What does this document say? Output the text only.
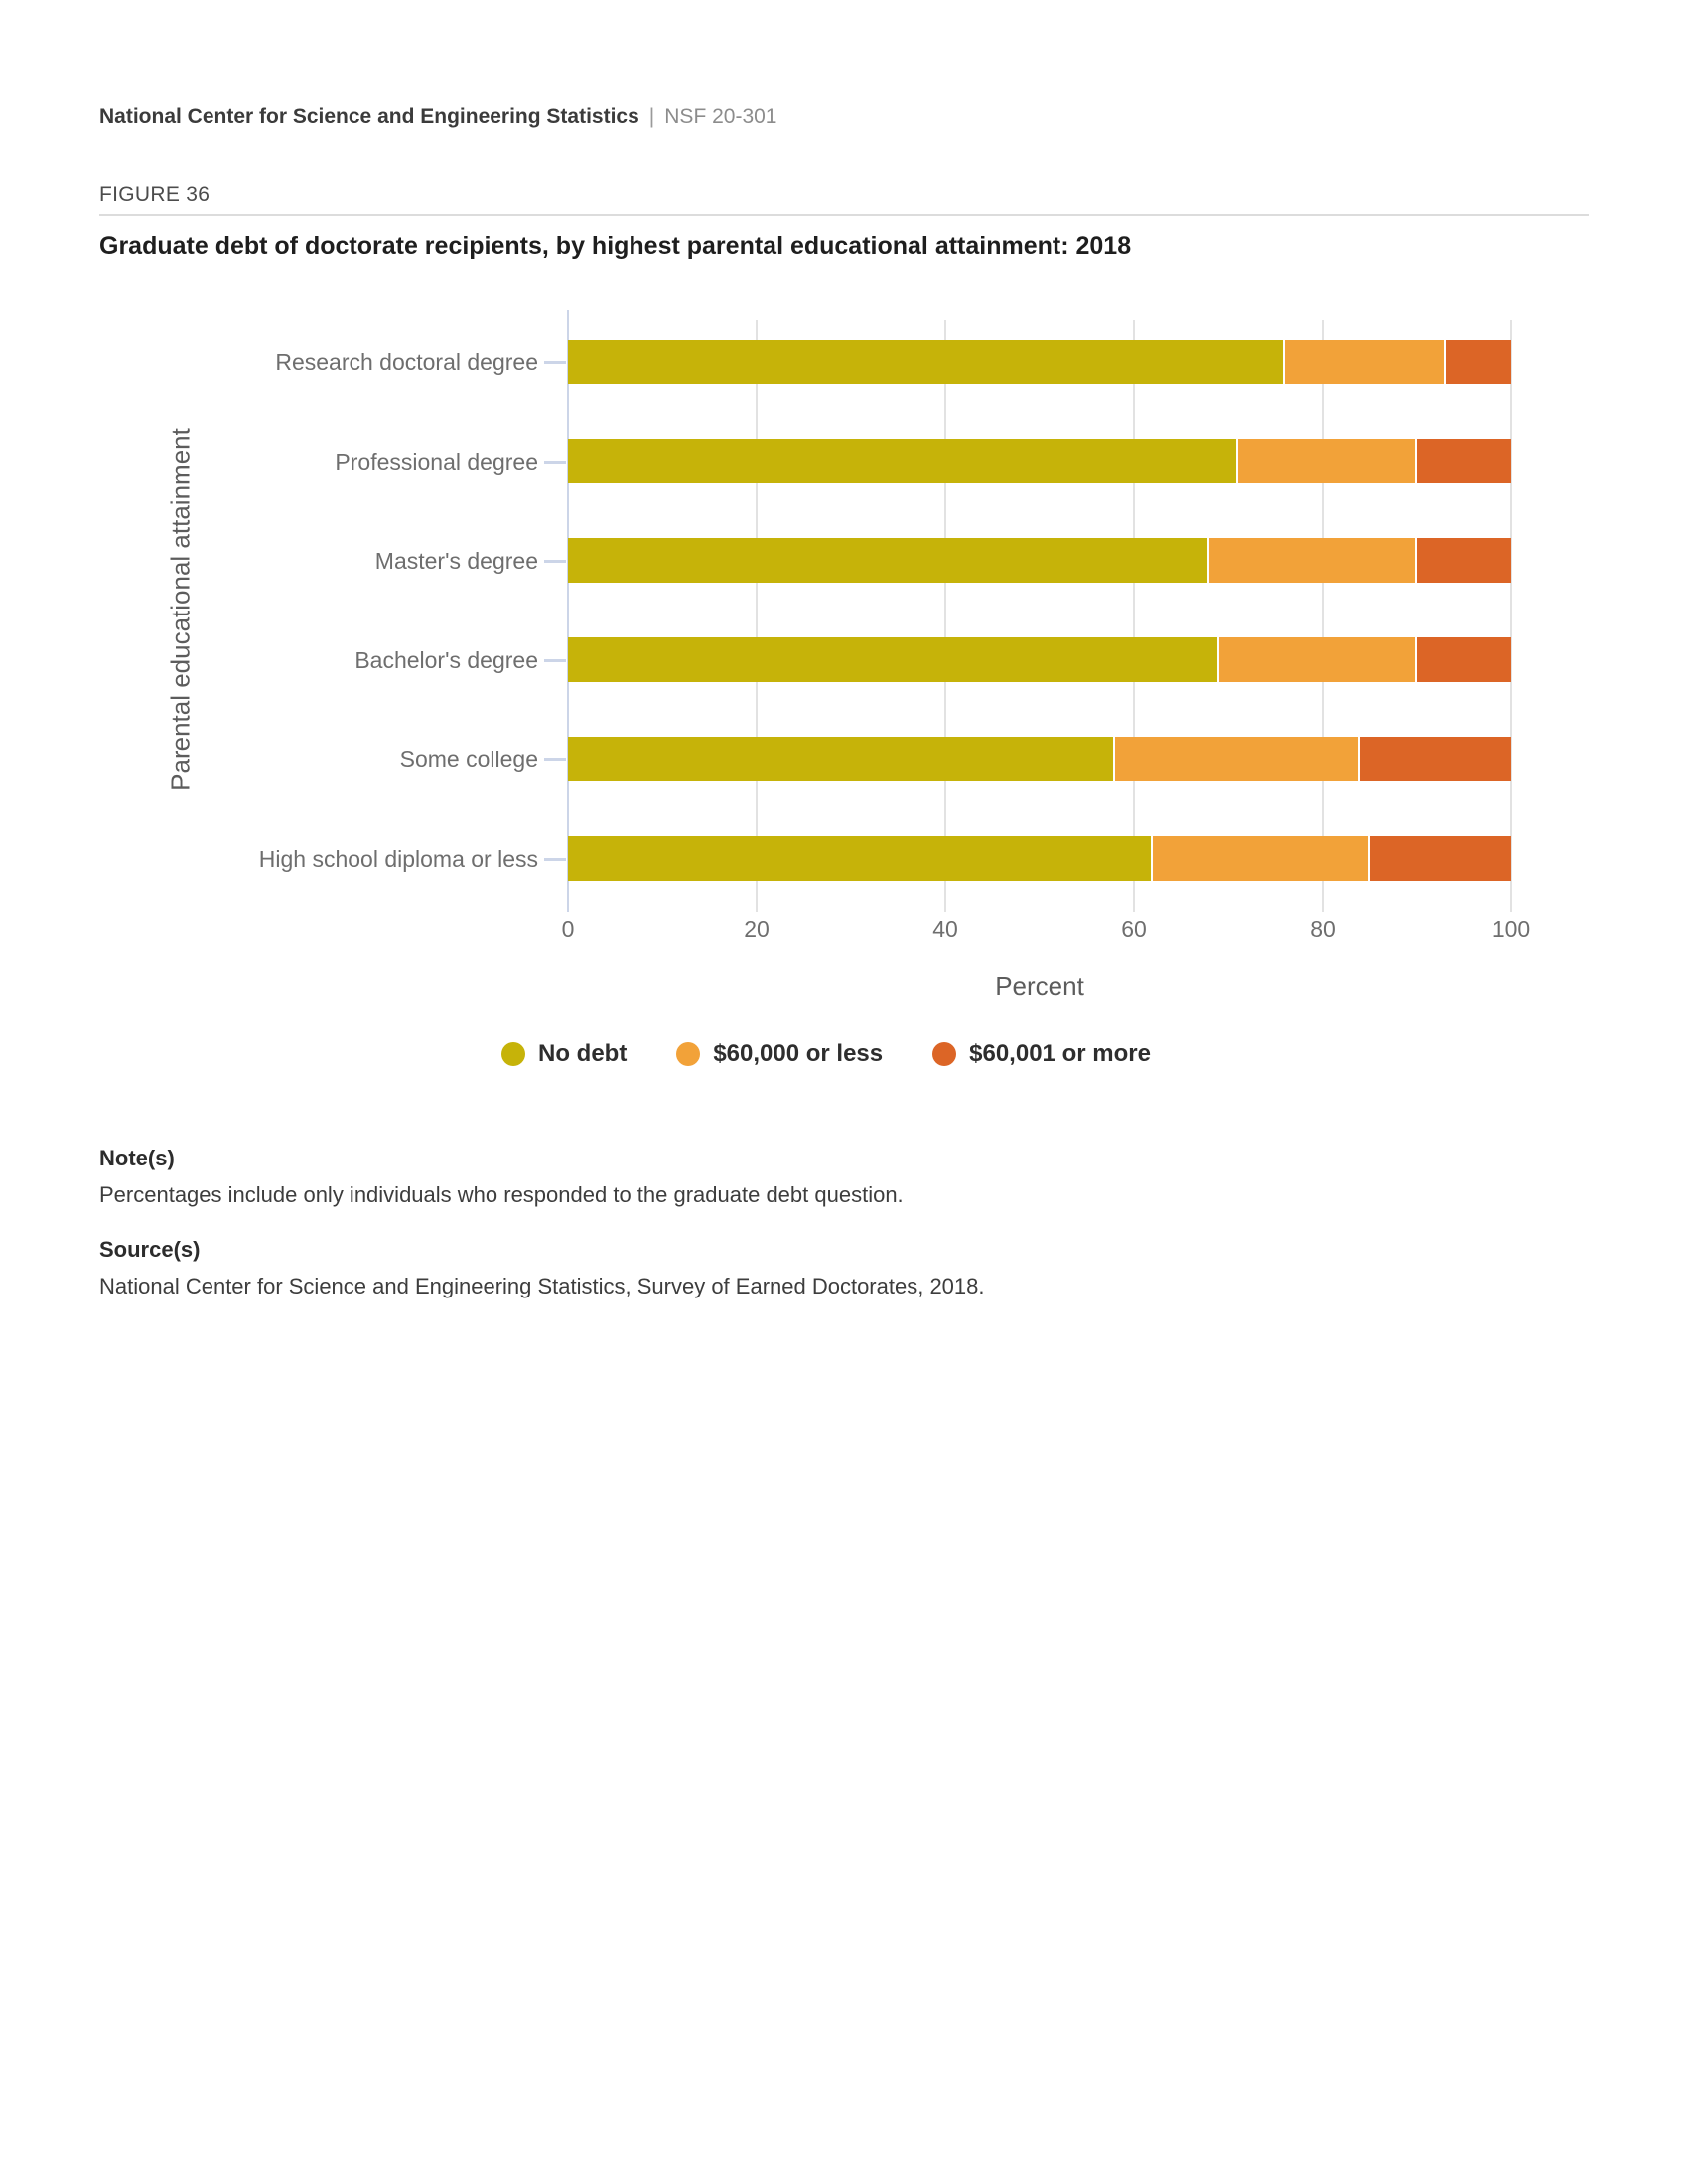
National Center for Science and Engineering Statistics | NSF 20-301
FIGURE 36
Graduate debt of doctorate recipients, by highest parental educational attainment: 2018
Parental educational attainment
0	20	40	60	80	100
Research doctoral degree
Professional degree
Master's degree
Bachelor's degree
Some college
High school diploma or less
Percent
No debt	$60,000 or less	$60,001 or more
Note(s)
Percentages include only individuals who responded to the graduate debt question.
Source(s)
National Center for Science and Engineering Statistics, Survey of Earned Doctorates, 2018.
